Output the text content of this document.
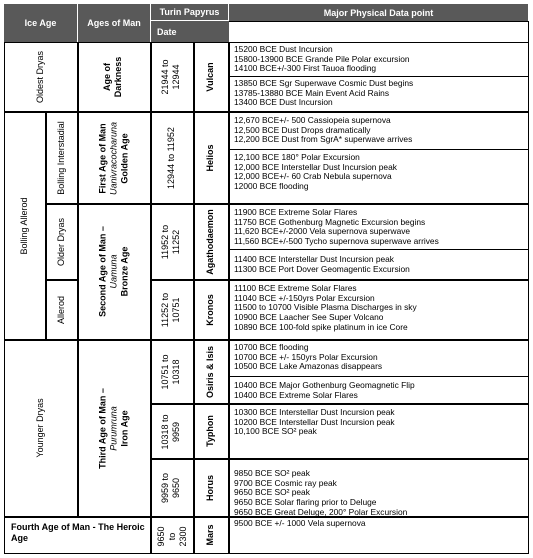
Ice Age	Ages of Man
Turin Papyrus
Date
Major Physical Data point
Fourth Age of Man - The Heroic Age
Oldest Dryas
Bolling Allerod
Bolling Interstadial
Older Dryas
Allerod
Younger Dryas
Age of Darkness
First Age of Man Uanivracocharuna Golden Age
Second Age of Man – Uamuna Bronze Age
Third Age of Man – Purumruna Iron Age
21944 to 12944
12944 to 11952
11952 to 11252
11252 to 10751
10751 to 10318
10318 to 9959
9959 to 9650
9650 to 2300
Vulcan
Helios
Agathodaemon
Kronos
Osiris & Isis
Typhon
Horus
Mars
15200 BCE Dust Incursion
15800-13900 BCE Grande Pile Polar excursion
14100 BCE+/-300 First Tauoa flooding
13850 BCE Sgr Superwave Cosmic Dust begins
13785-13880 BCE Main Event Acid Rains
13400 BCE Dust Incursion
12,670 BCE+/- 500 Cassiopeia supernova
12,500 BCE Dust Drops dramatically
12,200 BCE Dust from SgrA* superwave arrives
12,100 BCE 180° Polar Excursion
12,000 BCE Interstellar Dust Incursion peak
12,000 BCE+/- 60 Crab Nebula supernova
12000 BCE flooding
11900 BCE Extreme Solar Flares
11750 BCE Gothenburg Magnetic Excursion begins
11,620 BCE+/-2000 Vela supernova superwave
11,560 BCE+/-500 Tycho supernova superwave arrives
11400 BCE Interstellar Dust Incursion peak
11300 BCE Port Dover Geomagentic Excursion
11100 BCE Extreme Solar Flares
11040 BCE +/-150yrs Polar Excursion
11500 to 10700 Visible Plasma Discharges in sky
10900 BCE Laacher See Super Volcano
10890 BCE 100-fold spike platinum in ice Core
10700 BCE flooding
10700 BCE +/- 150yrs Polar Excursion
10500 BCE Lake Amazonas disappears
10400 BCE Major Gothenburg Geomagnetic Flip
10400 BCE Extreme Solar Flares
10300 BCE Interstellar Dust Incursion peak
10200 BCE Interstellar Dust Incursion peak
10,100 BCE SO² peak
9850 BCE SO² peak
9700 BCE Cosmic ray peak
9650 BCE SO² peak
9650 BCE Solar flaring prior to Deluge
9650 BCE Great Deluge, 200° Polar Excursion
9500 BCE +/- 1000 Vela supernova
